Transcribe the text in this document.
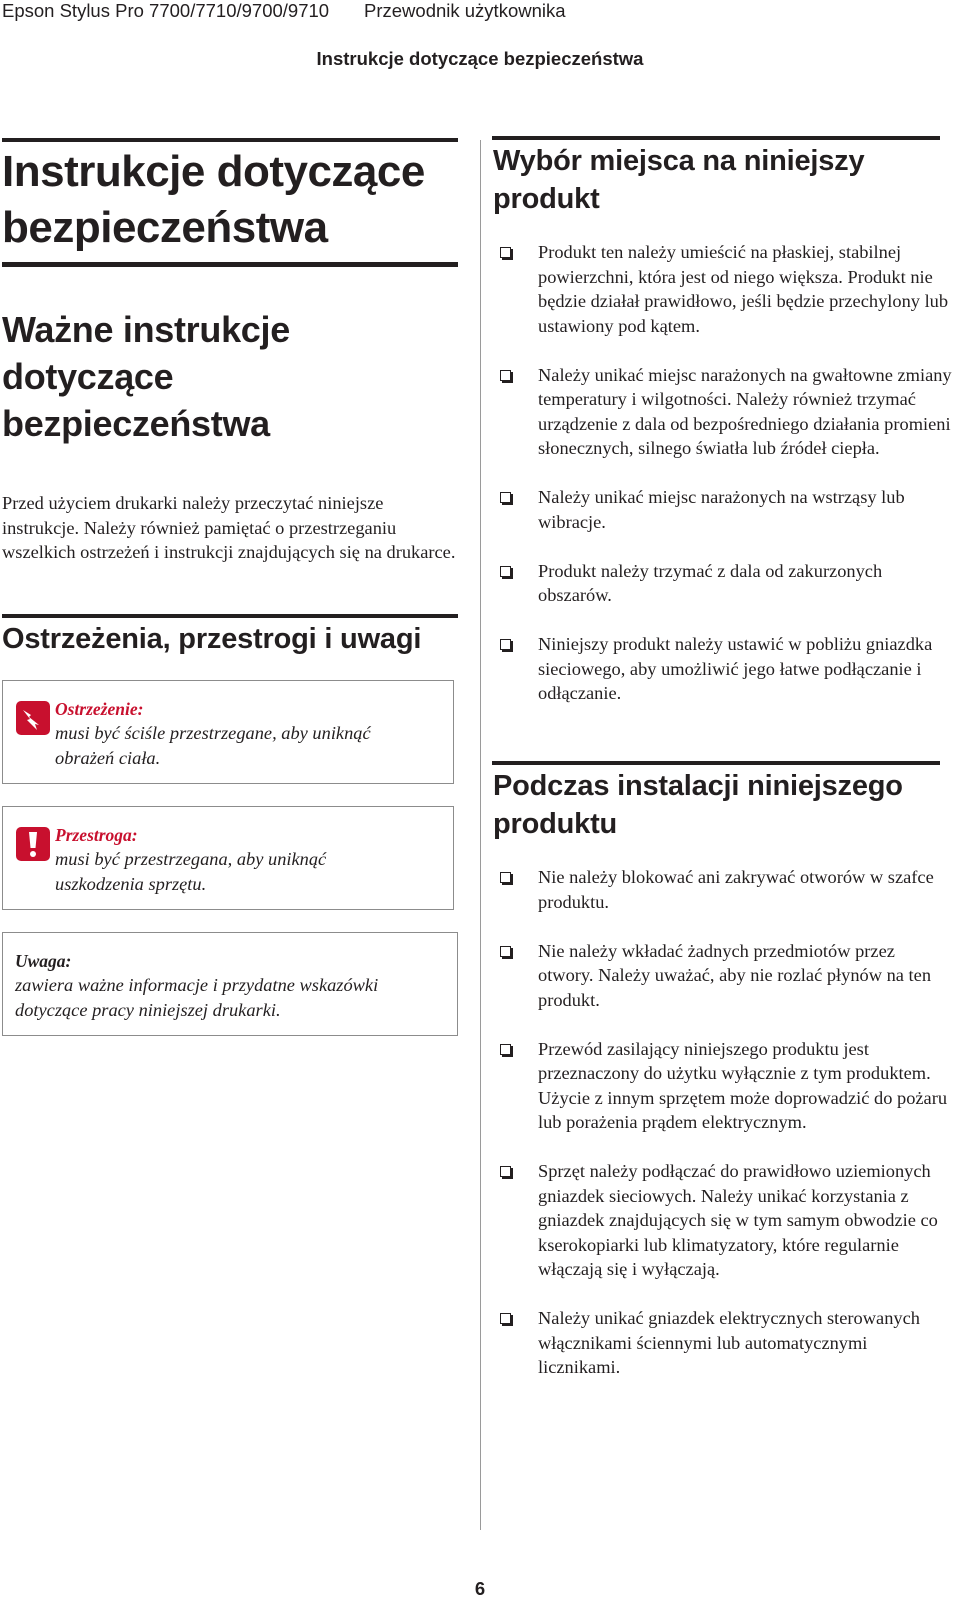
Epson Stylus Pro 7700/7710/9700/9710 Przewodnik użytkownika
Instrukcje dotyczące bezpieczeństwa
Instrukcje dotyczące
bezpieczeństwa
Ważne instrukcje
dotyczące
bezpieczeństwa
Przed użyciem drukarki należy przeczytać niniejsze instrukcje. Należy również pamiętać o przestrzeganiu wszelkich ostrzeżeń i instrukcji znajdujących się na drukarce.
Ostrzeżenia, przestrogi i uwagi
Ostrzeżenie:
musi być ściśle przestrzegane, aby uniknąć
obrażeń ciała.
Przestroga:
musi być przestrzegana, aby uniknąć
uszkodzenia sprzętu.
Uwaga:
zawiera ważne informacje i przydatne wskazówki
dotyczące pracy niniejszej drukarki.
Wybór miejsca na niniejszy
produkt
Produkt ten należy umieścić na płaskiej, stabilnej powierzchni, która jest od niego większa. Produkt nie będzie działał prawidłowo, jeśli będzie przechylony lub ustawiony pod kątem.
Należy unikać miejsc narażonych na gwałtowne zmiany temperatury i wilgotności. Należy również trzymać urządzenie z dala od bezpośredniego działania promieni słonecznych, silnego światła lub źródeł ciepła.
Należy unikać miejsc narażonych na wstrząsy lub wibracje.
Produkt należy trzymać z dala od zakurzonych obszarów.
Niniejszy produkt należy ustawić w pobliżu gniazdka sieciowego, aby umożliwić jego łatwe podłączanie i odłączanie.
Podczas instalacji niniejszego
produktu
Nie należy blokować ani zakrywać otworów w szafce produktu.
Nie należy wkładać żadnych przedmiotów przez otwory. Należy uważać, aby nie rozlać płynów na ten produkt.
Przewód zasilający niniejszego produktu jest przeznaczony do użytku wyłącznie z tym produktem. Użycie z innym sprzętem może doprowadzić do pożaru lub porażenia prądem elektrycznym.
Sprzęt należy podłączać do prawidłowo uziemionych gniazdek sieciowych. Należy unikać korzystania z gniazdek znajdujących się w tym samym obwodzie co kserokopiarki lub klimatyzatory, które regularnie włączają się i wyłączają.
Należy unikać gniazdek elektrycznych sterowanych włącznikami ściennymi lub automatycznymi licznikami.
6
